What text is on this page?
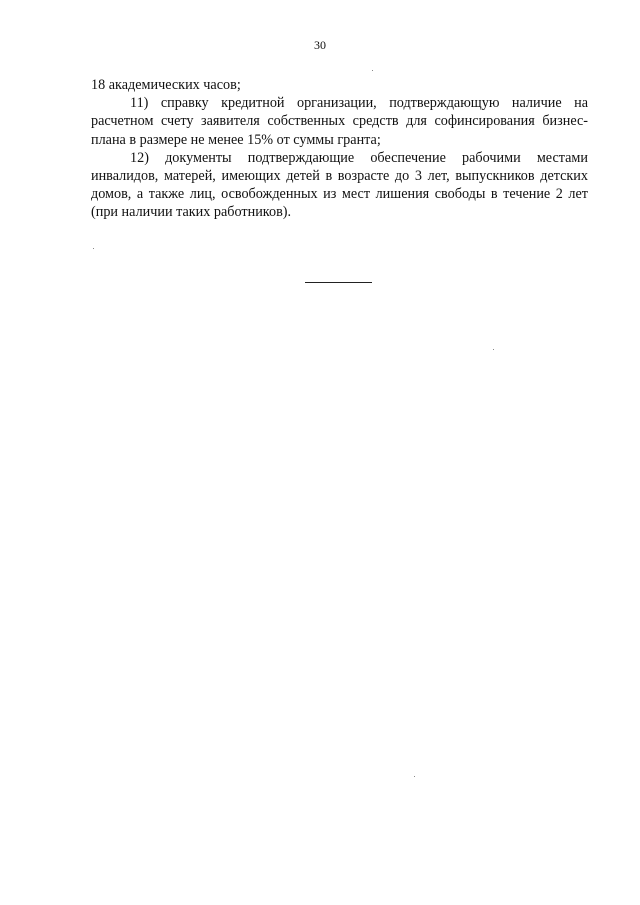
30

18 академических часов;

11) справку кредитной организации, подтверждающую наличие на расчетном счету заявителя собственных средств для софинсирования бизнес-плана в размере не менее 15% от суммы гранта;

12) документы подтверждающие обеспечение рабочими местами инвалидов, матерей, имеющих детей в возрасте до 3 лет, выпускников детских домов, а также лиц, освобожденных из мест лишения свободы в течение 2 лет (при наличии таких работников).
